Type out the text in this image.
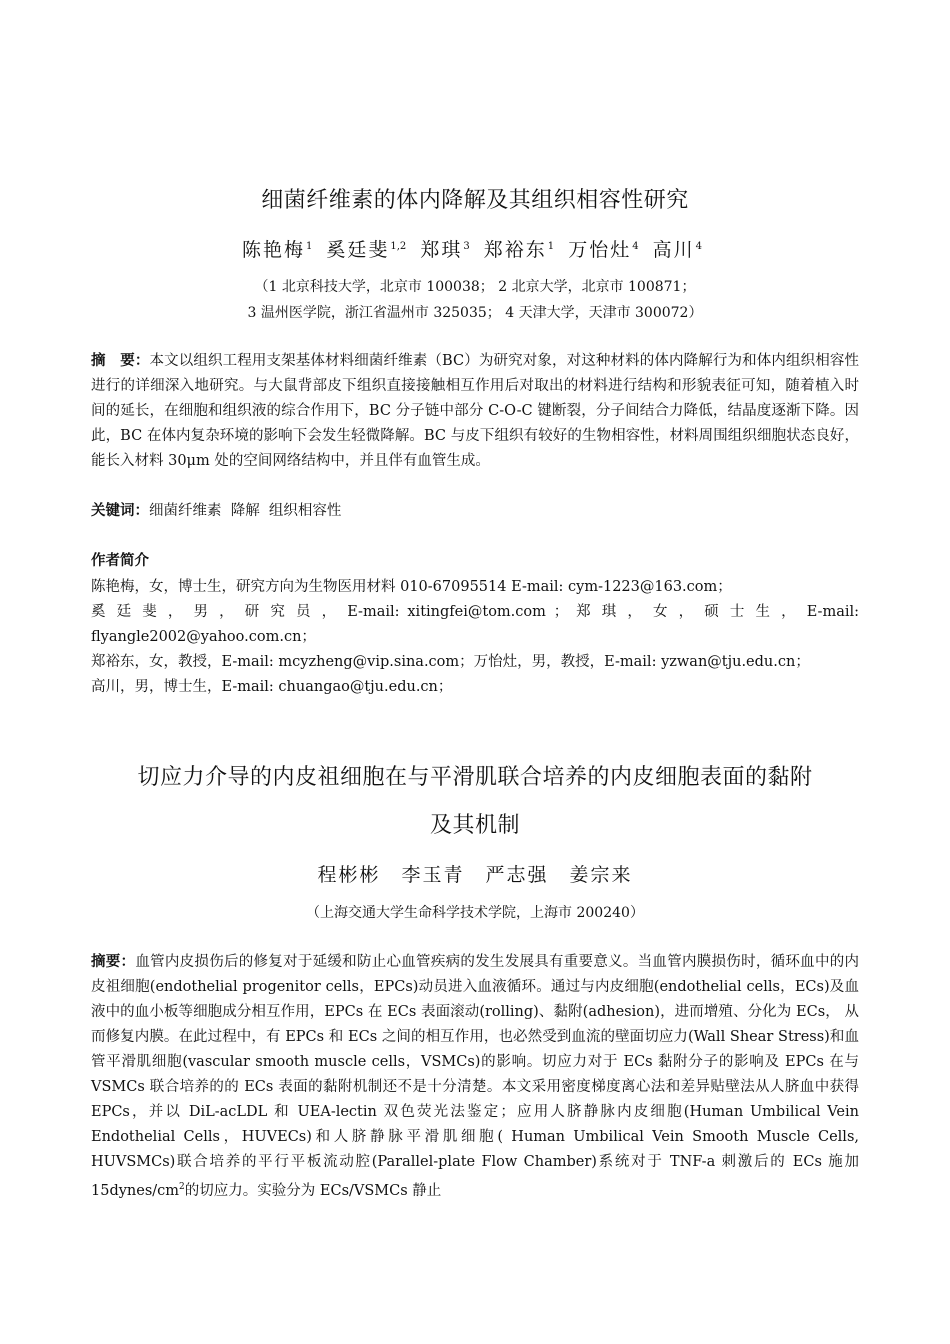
细菌纤维素的体内降解及其组织相容性研究
陈艳梅$^1$ 奚廷斐$^{1,2}$ 郑琪$^3$ 郑裕东$^1$ 万怡灶$^4$ 高川$^4$
（1 北京科技大学，北京市 100038； 2 北京大学，北京市 100871；
3 温州医学院，浙江省温州市 325035； 4 天津大学，天津市 300072）
摘　要：本文以组织工程用支架基体材料细菌纤维素（BC）为研究对象，对这种材料的体内降解行为和体内组织相容性进行的详细深入地研究。与大鼠背部皮下组织直接接触相互作用后对取出的材料进行结构和形貌表征可知，随着植入时间的延长，在细胞和组织液的综合作用下，BC 分子链中部分 C-O-C 键断裂，分子间结合力降低，结晶度逐渐下降。因此，BC 在体内复杂环境的影响下会发生轻微降解。BC 与皮下组织有较好的生物相容性，材料周围组织细胞状态良好，能长入材料 30μm 处的空间网络结构中，并且伴有血管生成。
关键词：细菌纤维素  降解  组织相容性
作者简介
陈艳梅，女，博士生，研究方向为生物医用材料 010-67095514 E-mail: cym-1223@163.com；
奚 廷 斐 ， 男 ， 研 究 员 ， E-mail: xitingfei@tom.com ； 郑 琪 ， 女 ， 硕 士 生 ， E-mail:
flyangle2002@yahoo.com.cn；
郑裕东，女，教授，E-mail: mcyzheng@vip.sina.com；万怡灶，男，教授，E-mail: yzwan@tju.edu.cn；
高川，男，博士生，E-mail: chuangao@tju.edu.cn；
切应力介导的内皮祖细胞在与平滑肌联合培养的内皮细胞表面的黏附
及其机制
程彬彬　李玉青　严志强　姜宗来
（上海交通大学生命科学技术学院，上海市 200240）
摘要：血管内皮损伤后的修复对于延缓和防止心血管疾病的发生发展具有重要意义。当血管内膜损伤时，循环血中的内皮祖细胞(endothelial progenitor cells，EPCs)动员进入血液循环。通过与内皮细胞(endothelial cells，ECs)及血液中的血小板等细胞成分相互作用，EPCs 在 ECs 表面滚动(rolling)、黏附(adhesion)，进而增殖、分化为 ECs， 从而修复内膜。在此过程中，有 EPCs 和 ECs 之间的相互作用，也必然受到血流的壁面切应力(Wall Shear Stress)和血管平滑肌细胞(vascular smooth muscle cells，VSMCs)的影响。切应力对于 ECs 黏附分子的影响及 EPCs 在与 VSMCs 联合培养的的 ECs 表面的黏附机制还不是十分清楚。本文采用密度梯度离心法和差异贴壁法从人脐血中获得 EPCs，并以 DiL-acLDL 和 UEA-lectin 双色荧光法鉴定；应用人脐静脉内皮细胞(Human Umbilical Vein Endothelial Cells，HUVECs)和人脐静脉平滑肌细胞( Human Umbilical Vein Smooth Muscle Cells, HUVSMCs)联合培养的平行平板流动腔(Parallel-plate Flow Chamber)系统对于 TNF-a 刺激后的 ECs 施加 $15dynes/cm^2$的切应力。实验分为 ECs/VSMCs 静止
